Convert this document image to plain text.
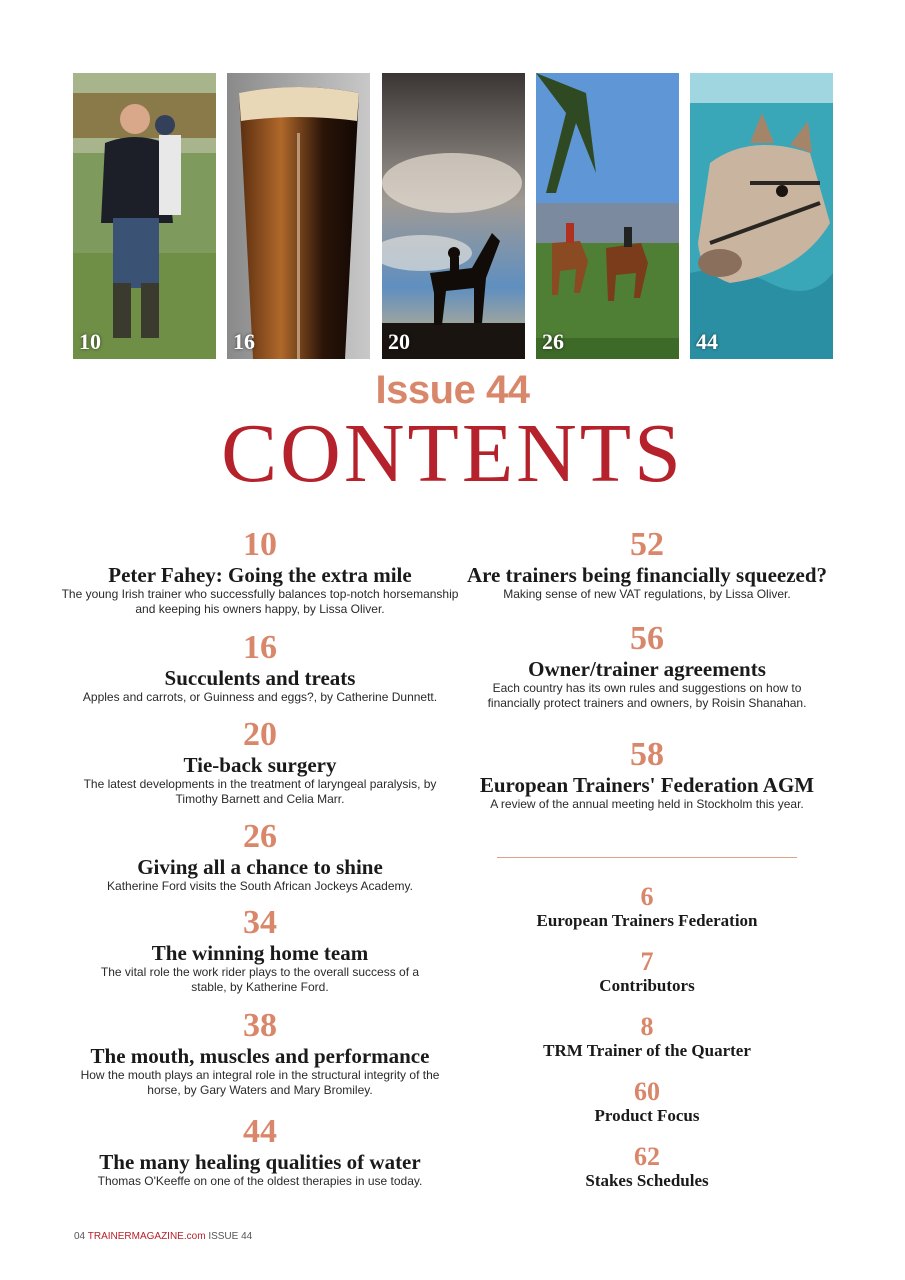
10	16	20	26	44
Issue 44
CONTENTS
10
Peter Fahey: Going the extra mile
The young Irish trainer who successfully balances top-notch horsemanship and keeping his owners happy, by Lissa Oliver.
16
Succulents and treats
Apples and carrots, or Guinness and eggs?, by Catherine Dunnett.
20
Tie-back surgery
The latest developments in the treatment of laryngeal paralysis, by Timothy Barnett and Celia Marr.
26
Giving all a chance to shine
Katherine Ford visits the South African Jockeys Academy.
34
The winning home team
The vital role the work rider plays to the overall success of a stable, by Katherine Ford.
38
The mouth, muscles and performance
How the mouth plays an integral role in the structural integrity of the horse, by Gary Waters and Mary Bromiley.
44
The many healing qualities of water
Thomas O'Keeffe on one of the oldest therapies in use today.
52
Are trainers being financially squeezed?
Making sense of new VAT regulations, by Lissa Oliver.
56
Owner/trainer agreements
Each country has its own rules and suggestions on how to financially protect trainers and owners, by Roisin Shanahan.
58
European Trainers' Federation AGM
A review of the annual meeting held in Stockholm this year.
6
European Trainers Federation
7
Contributors
8
TRM Trainer of the Quarter
60
Product Focus
62
Stakes Schedules
04 TRAINERMAGAZINE.com ISSUE 44
